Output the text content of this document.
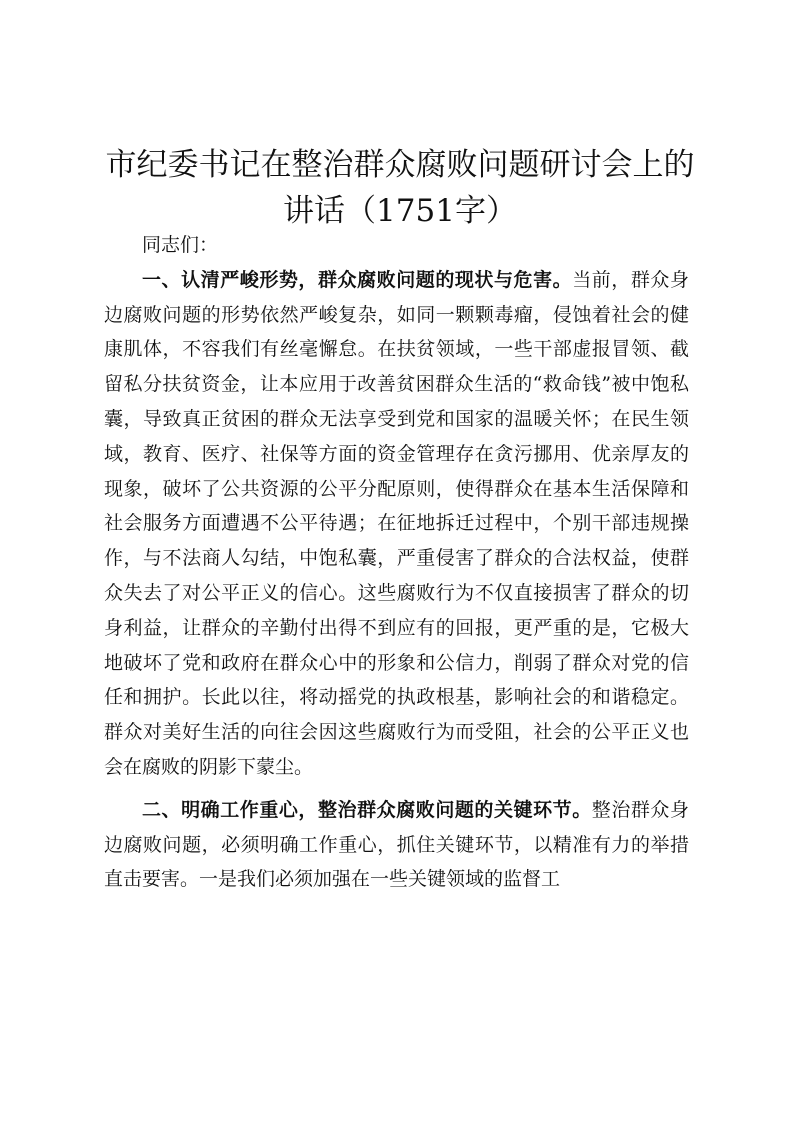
市纪委书记在整治群众腐败问题研讨会上的讲话（1751字）

同志们：

一、认清严峻形势，群众腐败问题的现状与危害。当前，群众身边腐败问题的形势依然严峻复杂，如同一颗颗毒瘤，侵蚀着社会的健康肌体，不容我们有丝毫懈怠。在扶贫领域，一些干部虚报冒领、截留私分扶贫资金，让本应用于改善贫困群众生活的“救命钱”被中饱私囊，导致真正贫困的群众无法享受到党和国家的温暖关怀；在民生领域，教育、医疗、社保等方面的资金管理存在贪污挪用、优亲厚友的现象，破坏了公共资源的公平分配原则，使得群众在基本生活保障和社会服务方面遭遇不公平待遇；在征地拆迁过程中，个别干部违规操作，与不法商人勾结，中饱私囊，严重侵害了群众的合法权益，使群众失去了对公平正义的信心。这些腐败行为不仅直接损害了群众的切身利益，让群众的辛勤付出得不到应有的回报，更严重的是，它极大地破坏了党和政府在群众心中的形象和公信力，削弱了群众对党的信任和拥护。长此以往，将动摇党的执政根基，影响社会的和谐稳定。群众对美好生活的向往会因这些腐败行为而受阻，社会的公平正义也会在腐败的阴影下蒙尘。

二、明确工作重心，整治群众腐败问题的关键环节。整治群众身边腐败问题，必须明确工作重心，抓住关键环节，以精准有力的举措直击要害。一是我们必须加强在一些关键领域的监督工
